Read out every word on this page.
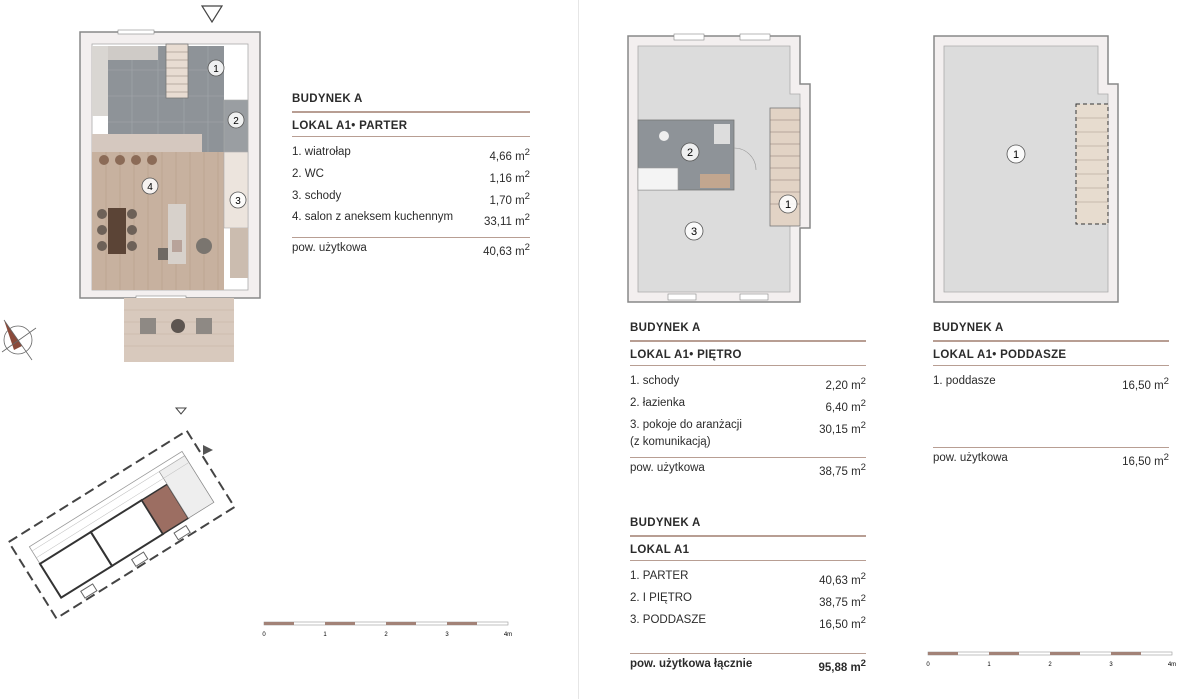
1
2
3
4
0	1	2	3	4m
BUDYNEK A
LOKAL A1• PARTER
1. wiatrołap	4,66 $m^2$
2. WC	1,16 $m^2$
3. schody	1,70 $m^2$
4. salon z aneksem kuchennym	33,11 $m^2$
pow. użytkowa	40,63 $m^2$
1
2
3
1
BUDYNEK A
LOKAL A1• PIĘTRO
1. schody	2,20 $m^2$
2. łazienka	6,40 $m^2$
3. pokoje do aranżacji
(z komunikacją)
30,15 $m^2$
pow. użytkowa	38,75 $m^2$
BUDYNEK A
LOKAL A1• PODDASZE
1. poddasze	16,50 $m^2$
pow. użytkowa	16,50 $m^2$
BUDYNEK A
LOKAL A1
1. PARTER	40,63 $m^2$
2. I PIĘTRO	38,75 $m^2$
3. PODDASZE	16,50 $m^2$
pow. użytkowa łącznie	95,88 $m^2$	0	1	2	3	4m
